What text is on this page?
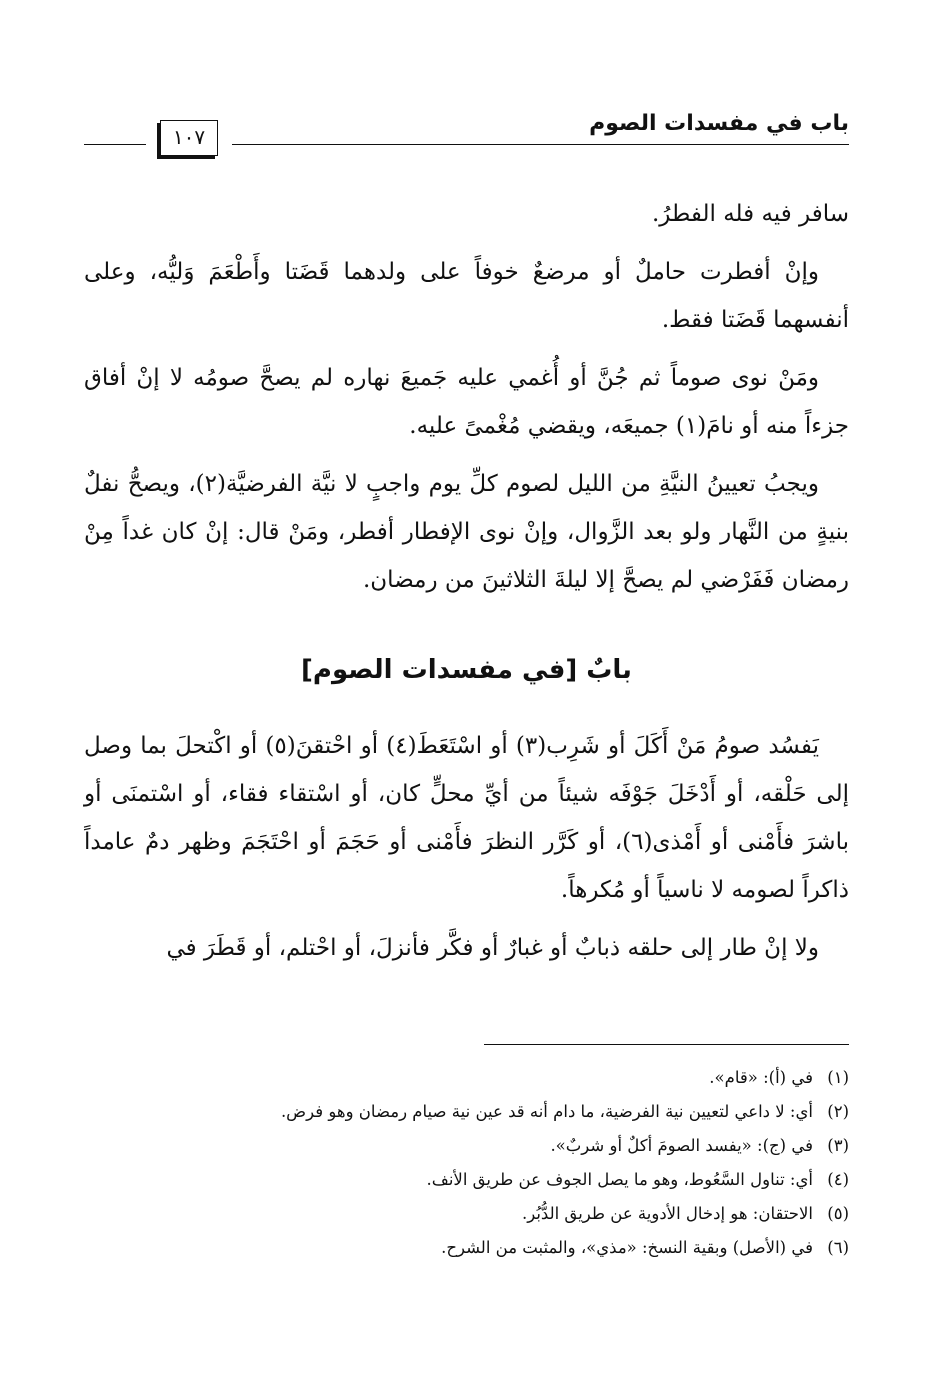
باب في مفسدات الصوم
١٠٧

سافر فيه فله الفطرُ.

وإنْ أفطرت حاملٌ أو مرضعٌ خوفاً على ولدهما قَضَتا وأَطْعَمَ وَليُّه، وعلى أنفسهما قَضَتا فقط.

ومَنْ نوى صوماً ثم جُنَّ أو أُغمي عليه جَميعَ نهاره لم يصحَّ صومُه لا إنْ أفاق جزءاً منه أو نامَ(١) جميعَه، ويقضي مُغْمىً عليه.

ويجبُ تعيينُ النيَّةِ من الليل لصوم كلِّ يوم واجبٍ لا نيَّة الفرضيَّة(٢)، ويصحُّ نفلٌ بنيةٍ من النَّهار ولو بعد الزَّوال، وإنْ نوى الإفطار أفطر، ومَنْ قال: إنْ كان غداً مِنْ رمضان فَفَرْضي لم يصحَّ إلا ليلةَ الثلاثينَ من رمضان.

بابٌ [في مفسدات الصوم]

يَفسُد صومُ مَنْ أَكَلَ أو شَرِب(٣) أو اسْتَعَطَ(٤) أو احْتقنَ(٥) أو اكْتحلَ بما وصل إلى حَلْقه، أو أَدْخَلَ جَوْفَه شيئاً من أيِّ محلٍّ كان، أو اسْتقاء فقاء، أو اسْتمنَى أو باشرَ فأَمْنى أو أَمْذى(٦)، أو كَرَّر النظرَ فأَمْنى أو حَجَمَ أو احْتَجَمَ وظهر دمٌ عامداً ذاكراً لصومه لا ناسياً أو مُكرهاً.

ولا إنْ طار إلى حلقه ذبابٌ أو غبارٌ أو فكَّر فأنزلَ، أو احْتلم، أو قَطَرَ في

(١)في (أ): «قام».
(٢)أي: لا داعي لتعيين نية الفرضية، ما دام أنه قد عين نية صيام رمضان وهو فرض.
(٣)في (ج): «يفسد الصومَ أكلٌ أو شربٌ».
(٤)أي: تناول السَّعُوط، وهو ما يصل الجوف عن طريق الأنف.
(٥)الاحتقان: هو إدخال الأدوية عن طريق الدُّبُر.
(٦)في (الأصل) وبقية النسخ: «مذي»، والمثبت من الشرح.
